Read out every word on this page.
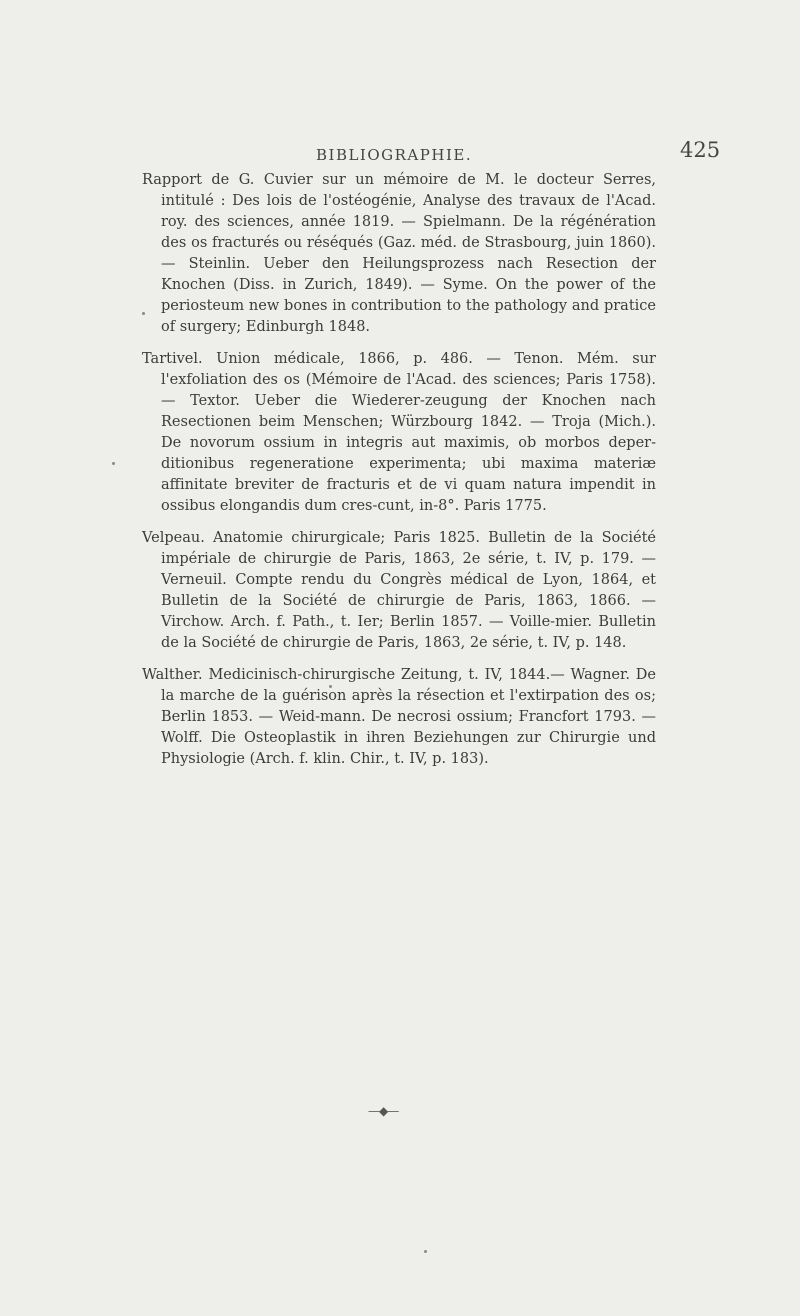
BIBLIOGRAPHIE.	425

Rapport de G. Cuvier sur un mémoire de M. le docteur Serres, intitulé : Des lois de l'ostéogénie, Analyse des travaux de l'Acad. roy. des sciences, année 1819. — Spielmann. De la régénération des os fracturés ou réséqués (Gaz. méd. de Strasbourg, juin 1860). — Steinlin. Ueber den Heilungsprozess nach Resection der Knochen (Diss. in Zurich, 1849). — Syme. On the power of the periosteum new bones in contribution to the pathology and pratice of surgery; Edinburgh 1848.

Tartivel. Union médicale, 1866, p. 486. — Tenon. Mém. sur l'exfoliation des os (Mémoire de l'Acad. des sciences; Paris 1758). — Textor. Ueber die Wiederer-zeugung der Knochen nach Resectionen beim Menschen; Würzbourg 1842. — Troja (Mich.). De novorum ossium in integris aut maximis, ob morbos deper-ditionibus regeneratione experimenta; ubi maxima materiæ affinitate breviter de fracturis et de vi quam natura impendit in ossibus elongandis dum cres-cunt, in-8°. Paris 1775.

Velpeau. Anatomie chirurgicale; Paris 1825. Bulletin de la Société impériale de chirurgie de Paris, 1863, 2e série, t. IV, p. 179. — Verneuil. Compte rendu du Congrès médical de Lyon, 1864, et Bulletin de la Société de chirurgie de Paris, 1863, 1866. — Virchow. Arch. f. Path., t. Ier; Berlin 1857. — Voille-mier. Bulletin de la Société de chirurgie de Paris, 1863, 2e série, t. IV, p. 148.

Walther. Medicinisch-chirurgische Zeitung, t. IV, 1844.— Wagner. De la marche de la guérison après la résection et l'extirpation des os; Berlin 1853. — Weid-mann. De necrosi ossium; Francfort 1793. — Wolff. Die Osteoplastik in ihren Beziehungen zur Chirurgie und Physiologie (Arch. f. klin. Chir., t. IV, p. 183).

—◆—
